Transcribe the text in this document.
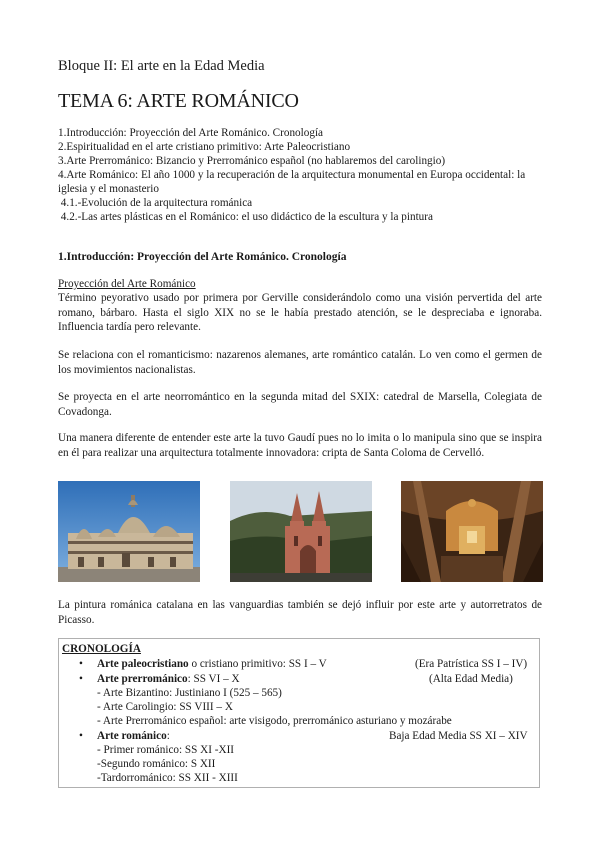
Bloque II: El arte en la Edad Media
TEMA 6: ARTE ROMÁNICO
1.Introducción: Proyección del Arte Románico. Cronología
2.Espiritualidad en el arte cristiano primitivo: Arte Paleocristiano
3.Arte Prerrománico: Bizancio y Prerrománico español (no hablaremos del carolingio)
4.Arte Románico: El año 1000 y la recuperación de la arquitectura monumental en Europa occidental: la iglesia y el monasterio
4.1.-Evolución de la arquitectura románica
4.2.-Las artes plásticas en el Románico: el uso didáctico de la escultura y la pintura
1.Introducción: Proyección del Arte Románico. Cronología
Proyección del Arte Románico
Término peyorativo usado por primera por Gerville considerándolo como una visión pervertida del arte romano, bárbaro. Hasta el siglo XIX no se le había prestado atención, se le despreciaba e ignoraba. Influencia tardía pero relevante.
Se relaciona con el romanticismo: nazarenos alemanes, arte romántico catalán. Lo ven como el germen de los movimientos nacionalistas.
Se proyecta en el arte neorromántico en la segunda mitad del SXIX: catedral de Marsella, Colegiata de Covadonga.
Una manera diferente de entender este arte la tuvo Gaudí pues no lo imita o lo manipula sino que se inspira en él para realizar una arquitectura totalmente innovadora: cripta de Santa Coloma de Cervelló.
La pintura románica catalana en las vanguardias también se dejó influir por este arte y autorretratos de Picasso.
CRONOLOGÍA
• Arte paleocristiano o cristiano primitivo: SS I – V	(Era Patrística SS I – IV)
• Arte prerrománico: SS VI – X	(Alta Edad Media)
- Arte Bizantino: Justiniano I (525 – 565)
- Arte Carolingio: SS VIII – X
- Arte Prerrománico español: arte visigodo, prerrománico asturiano y mozárabe
• Arte románico:	Baja Edad Media SS XI – XIV
- Primer románico: SS XI -XII
-Segundo románico: S XII
-Tardorrománico: SS XII - XIII
